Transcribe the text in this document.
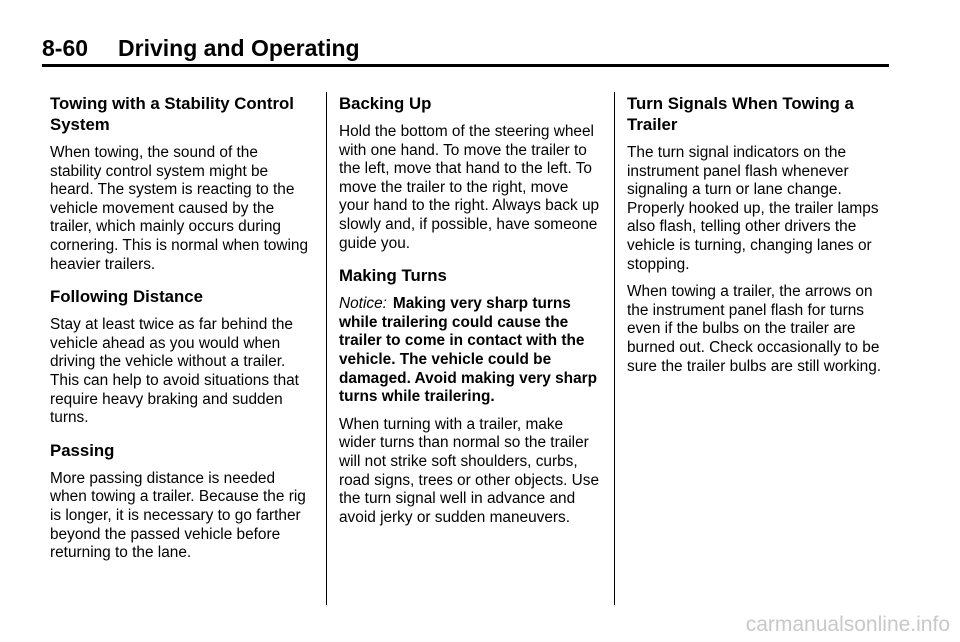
8-60 Driving and Operating
Towing with a Stability Control System

When towing, the sound of the stability control system might be heard. The system is reacting to the vehicle movement caused by the trailer, which mainly occurs during cornering. This is normal when towing heavier trailers.

Following Distance

Stay at least twice as far behind the vehicle ahead as you would when driving the vehicle without a trailer. This can help to avoid situations that require heavy braking and sudden turns.

Passing

More passing distance is needed when towing a trailer. Because the rig is longer, it is necessary to go farther beyond the passed vehicle before returning to the lane.

Backing Up

Hold the bottom of the steering wheel with one hand. To move the trailer to the left, move that hand to the left. To move the trailer to the right, move your hand to the right. Always back up slowly and, if possible, have someone guide you.

Making Turns

Notice: Making very sharp turns while trailering could cause the trailer to come in contact with the vehicle. The vehicle could be damaged. Avoid making very sharp turns while trailering.

When turning with a trailer, make wider turns than normal so the trailer will not strike soft shoulders, curbs, road signs, trees or other objects. Use the turn signal well in advance and avoid jerky or sudden maneuvers.

Turn Signals When Towing a Trailer

The turn signal indicators on the instrument panel flash whenever signaling a turn or lane change. Properly hooked up, the trailer lamps also flash, telling other drivers the vehicle is turning, changing lanes or stopping.

When towing a trailer, the arrows on the instrument panel flash for turns even if the bulbs on the trailer are burned out. Check occasionally to be sure the trailer bulbs are still working.

carmanualsonline.info
